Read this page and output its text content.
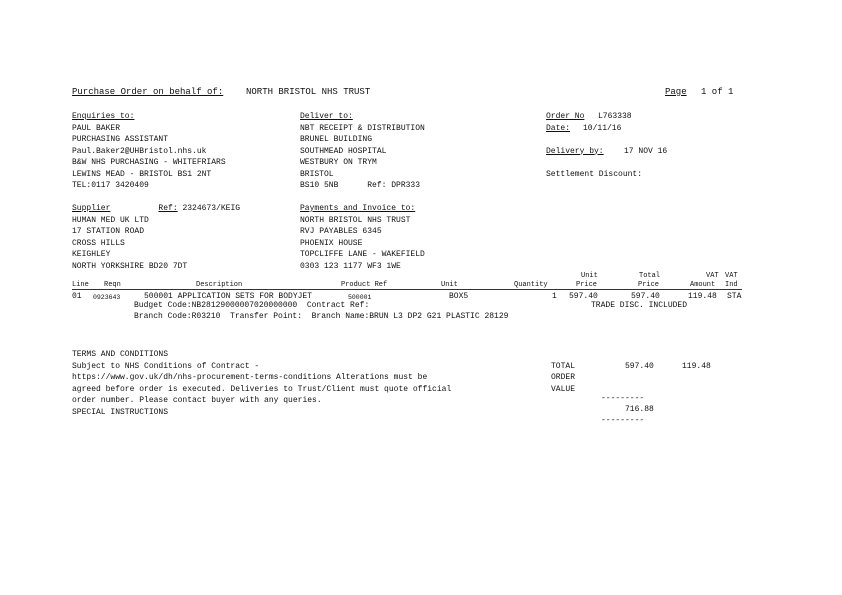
Purchase Order on behalf of:	NORTH BRISTOL NHS TRUST	Page 1 of 1
Enquiries to:
PAUL BAKER
PURCHASING ASSISTANT
Paul.Baker2@UHBristol.nhs.uk
B&W NHS PURCHASING - WHITEFRIARS
LEWINS MEAD - BRISTOL BS1 2NT
TEL:0117 3420409
Deliver to:
NBT RECEIPT & DISTRIBUTION
BRUNEL BUILDING
SOUTHMEAD HOSPITAL
WESTBURY ON TRYM
BRISTOL
BS10 5NB      Ref: DPR333
Order No L763338
Date: 10/11/16
Delivery by:	17 NOV 16
Settlement Discount:
Supplier	Ref: 2324673/KEIG
HUMAN MED UK LTD
17 STATION ROAD
CROSS HILLS
KEIGHLEY
NORTH YORKSHIRE BD20 7DT
Payments and Invoice to:
NORTH BRISTOL NHS TRUST
RVJ PAYABLES 6345
PHOENIX HOUSE
TOPCLIFFE LANE - WAKEFIELD
0303 123 1177 WF3 1WE
Unit	Total	VAT VAT
Line Reqn	Description	Product Ref	Unit	Quantity	Price	Price	Amount Ind
01 0923643	500001 APPLICATION SETS FOR BODYJET	500001	BOX5	1 597.40	597.40	119.48 STA
Budget Code:NB28129000007020000000  Contract Ref:	TRADE DISC. INCLUDED
Branch Code:R03210  Transfer Point:  Branch Name:BRUN L3 DP2 G21 PLASTIC 28129
TERMS AND CONDITIONS
Subject to NHS Conditions of Contract -
https://www.gov.uk/dh/nhs-procurement-terms-conditions Alterations must be
agreed before order is executed. Deliveries to Trust/Client must quote official
order number. Please contact buyer with any queries.
SPECIAL INSTRUCTIONS
TOTAL
ORDER
VALUE
597.40	119.48
---------
716.88
---------
